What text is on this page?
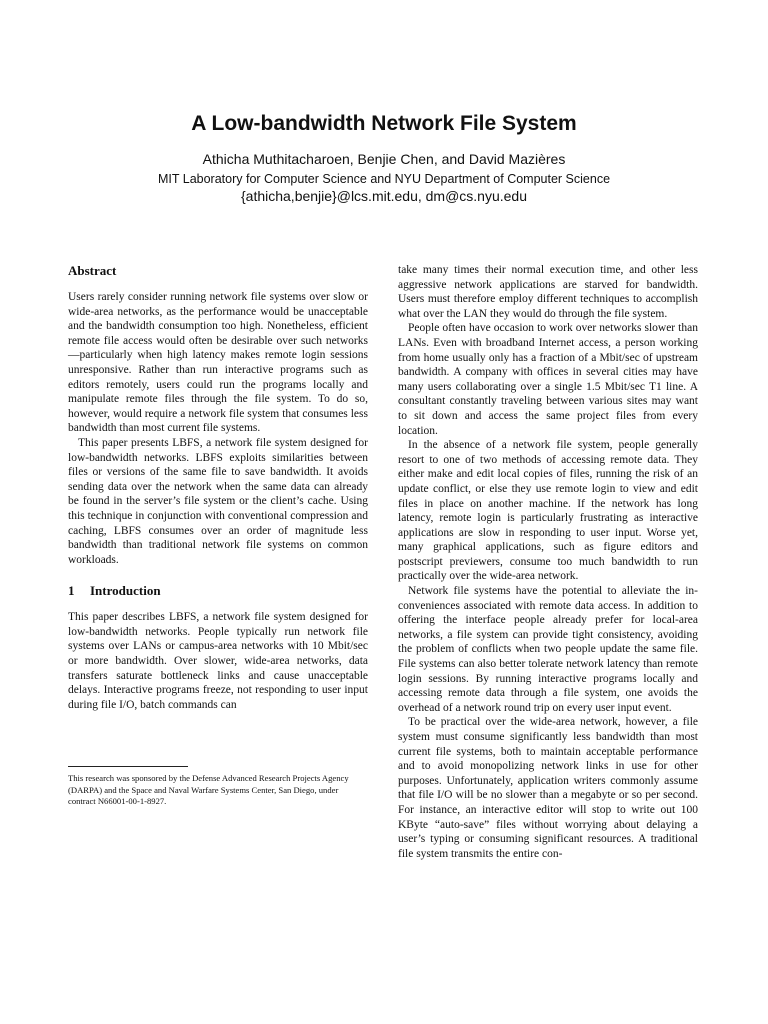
A Low-bandwidth Network File System
Athicha Muthitacharoen, Benjie Chen, and David Mazières
MIT Laboratory for Computer Science and NYU Department of Computer Science
{athicha,benjie}@lcs.mit.edu, dm@cs.nyu.edu
Abstract

Users rarely consider running network file systems over slow or wide-area networks, as the performance would be unacceptable and the bandwidth consumption too high. Nonetheless, efficient remote file access would often be desirable over such networks—particularly when high latency makes remote login sessions unresponsive. Rather than run interactive programs such as editors remotely, users could run the programs locally and manipulate remote files through the file system. To do so, however, would require a network file system that consumes less bandwidth than most current file systems.

This paper presents LBFS, a network file system designed for low-bandwidth networks. LBFS exploits similarities between files or versions of the same file to save bandwidth. It avoids sending data over the network when the same data can already be found in the server’s file system or the client’s cache. Using this technique in conjunction with conventional compression and caching, LBFS consumes over an order of magnitude less bandwidth than traditional network file systems on common workloads.

1 Introduction

This paper describes LBFS, a network file system designed for low-bandwidth networks. People typically run network file systems over LANs or campus-area networks with 10 Mbit/sec or more bandwidth. Over slower, wide-area networks, data transfers saturate bottleneck links and cause unacceptable delays. Interactive programs freeze, not responding to user input during file I/O, batch commands can

This research was sponsored by the Defense Advanced Research Projects Agency (DARPA) and the Space and Naval Warfare Systems Center, San Diego, under contract N66001-00-1-8927.

take many times their normal execution time, and other less aggressive network applications are starved for bandwidth. Users must therefore employ different techniques to accomplish what over the LAN they would do through the file system.

People often have occasion to work over networks slower than LANs. Even with broadband Internet access, a person working from home usually only has a fraction of a Mbit/sec of upstream bandwidth. A company with offices in several cities may have many users collaborating over a single 1.5 Mbit/sec T1 line. A consultant constantly traveling between various sites may want to sit down and access the same project files from every location.

In the absence of a network file system, people generally resort to one of two methods of accessing remote data. They either make and edit local copies of files, running the risk of an update conflict, or else they use remote login to view and edit files in place on another machine. If the network has long latency, remote login is particularly frustrating as interactive applications are slow in responding to user input. Worse yet, many graphical applications, such as figure editors and postscript previewers, consume too much bandwidth to run practically over the wide-area network.

Network file systems have the potential to alleviate the inconveniences associated with remote data access. In addition to offering the interface people already prefer for local-area networks, a file system can provide tight consistency, avoiding the problem of conflicts when two people update the same file. File systems can also better tolerate network latency than remote login sessions. By running interactive programs locally and accessing remote data through a file system, one avoids the overhead of a network round trip on every user input event.

To be practical over the wide-area network, however, a file system must consume significantly less bandwidth than most current file systems, both to maintain acceptable performance and to avoid monopolizing network links in use for other purposes. Unfortunately, application writers commonly assume that file I/O will be no slower than a megabyte or so per second. For instance, an interactive editor will stop to write out 100 KByte “auto-save” files without worrying about delaying a user’s typing or consuming significant resources. A traditional file system transmits the entire con-
